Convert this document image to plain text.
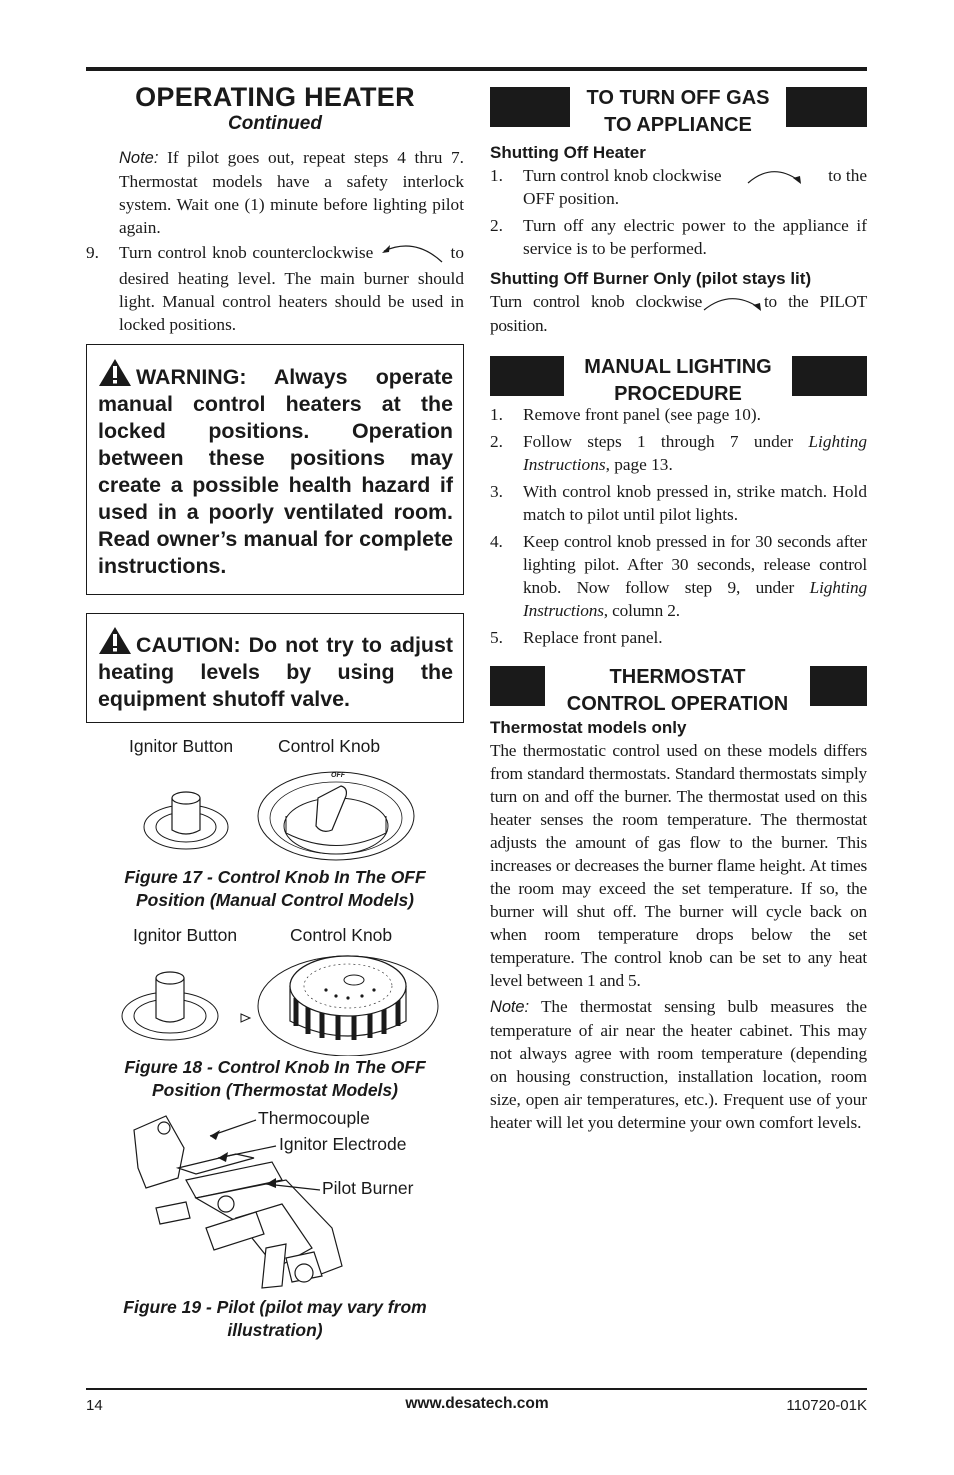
OPERATING HEATER
Continued

Note: If pilot goes out, repeat steps 4 thru 7. Thermostat models have a safety interlock system. Wait one (1) minute before lighting pilot again.

9. Turn control knob counterclockwise	to desired heating level. The main burner should light. Manual control heaters should be used in locked positions.
WARNING: Always operate manual control heaters at the locked positions. Operation between these positions may create a possible health hazard if used in a poorly ventilated room. Read owner’s manual for complete instructions.
CAUTION: Do not try to adjust heating levels by using the equipment shutoff valve.
Ignitor Button	Control Knob
OFF
Figure 17 - Control Knob In The OFF Position (Manual Control Models)
Ignitor Button	Control Knob
Figure 18 - Control Knob In The OFF Position (Thermostat Models)
Thermocouple
Ignitor Electrode
Pilot Burner
Figure 19 - Pilot (pilot may vary from illustration)
TO TURN OFF GAS
TO APPLIANCE
Shutting Off Heater
1. Turn control knob clockwise	to the
OFF position.
2. Turn off any electric power to the appliance if service is to be performed.
Shutting Off Burner Only (pilot stays lit)

Turn control knob clockwise	to the PILOT position.

MANUAL LIGHTING
PROCEDURE
1. Remove front panel (see page 10).
2. Follow steps 1 through 7 under Lighting Instructions, page 13.
3. With control knob pressed in, strike match. Hold match to pilot until pilot lights.
4. Keep control knob pressed in for 30 seconds after lighting pilot. After 30 seconds, release control knob. Now follow step 9, under Lighting Instructions, column 2.
5. Replace front panel.
THERMOSTAT
CONTROL OPERATION
Thermostat models only

The thermostatic control used on these models differs from standard thermostats. Standard thermostats simply turn on and off the burner. The thermostat used on this heater senses the room temperature. The thermostat adjusts the amount of gas flow to the burner. This increases or decreases the burner flame height. At times the room may exceed the set temperature. If so, the burner will shut off. The burner will cycle back on when room temperature drops below the set temperature. The control knob can be set to any heat level between 1 and 5.

Note: The thermostat sensing bulb measures the temperature of air near the heater cabinet. This may not always agree with room temperature (depending on housing construction, installation location, room size, open air temperatures, etc.). Frequent use of your heater will let you determine your own comfort levels.

14	www.desatech.com	110720-01K
